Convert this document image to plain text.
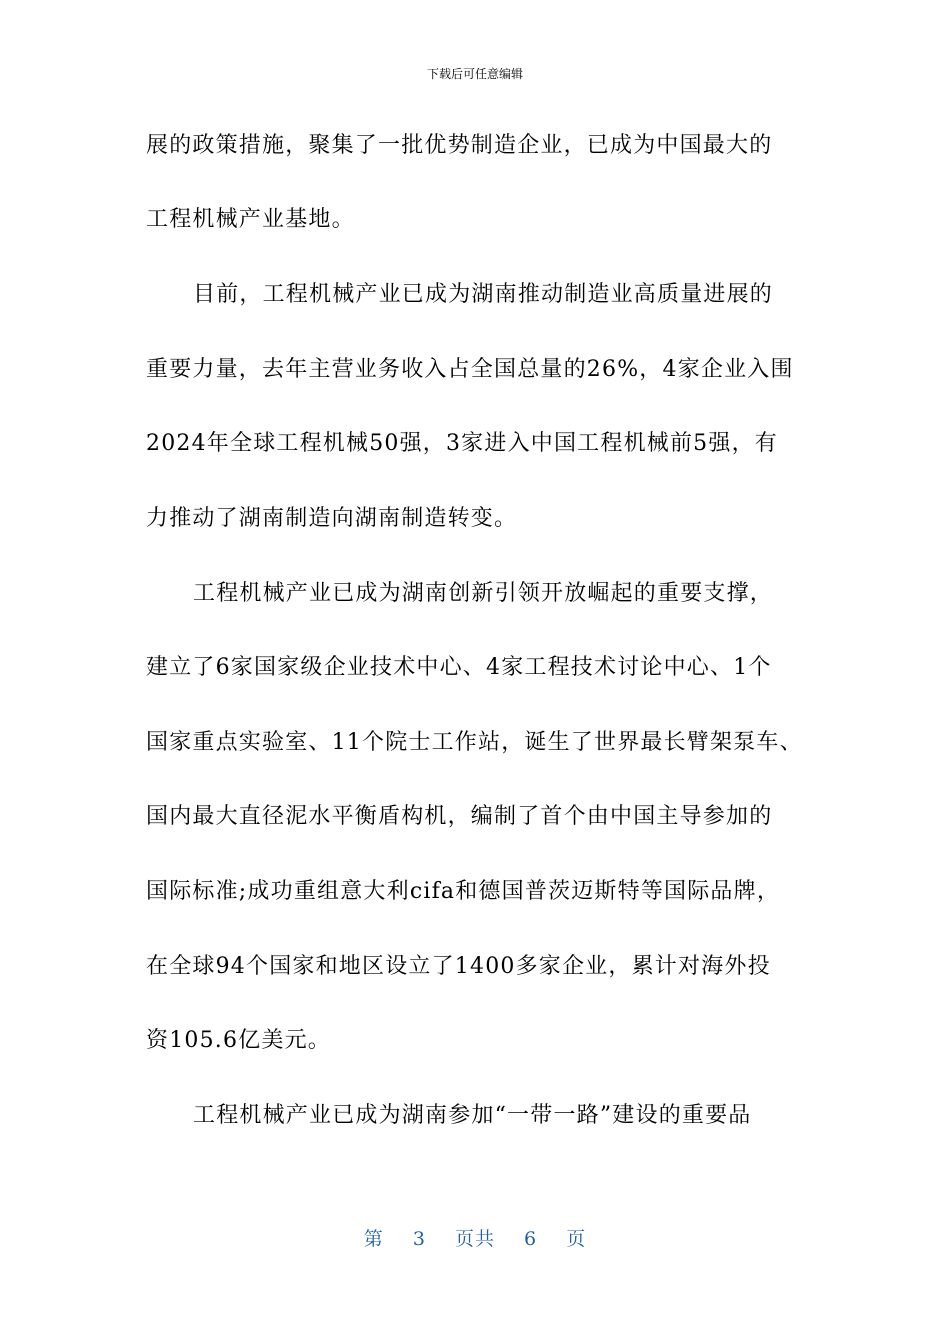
下载后可任意编辑
展的政策措施，聚集了一批优势制造企业，已成为中国最大的
工程机械产业基地。
目前，工程机械产业已成为湖南推动制造业高质量进展的
重要力量，去年主营业务收入占全国总量的26%，4家企业入围
2024年全球工程机械50强，3家进入中国工程机械前5强，有
力推动了湖南制造向湖南制造转变。
工程机械产业已成为湖南创新引领开放崛起的重要支撑，
建立了6家国家级企业技术中心、4家工程技术讨论中心、1个
国家重点实验室、11个院士工作站，诞生了世界最长臂架泵车、
国内最大直径泥水平衡盾构机，编制了首个由中国主导参加的
国际标准;成功重组意大利cifa和德国普茨迈斯特等国际品牌，
在全球94个国家和地区设立了1400多家企业，累计对海外投
资105.6亿美元。
工程机械产业已成为湖南参加“一带一路”建设的重要品
第 3 页共 6 页
